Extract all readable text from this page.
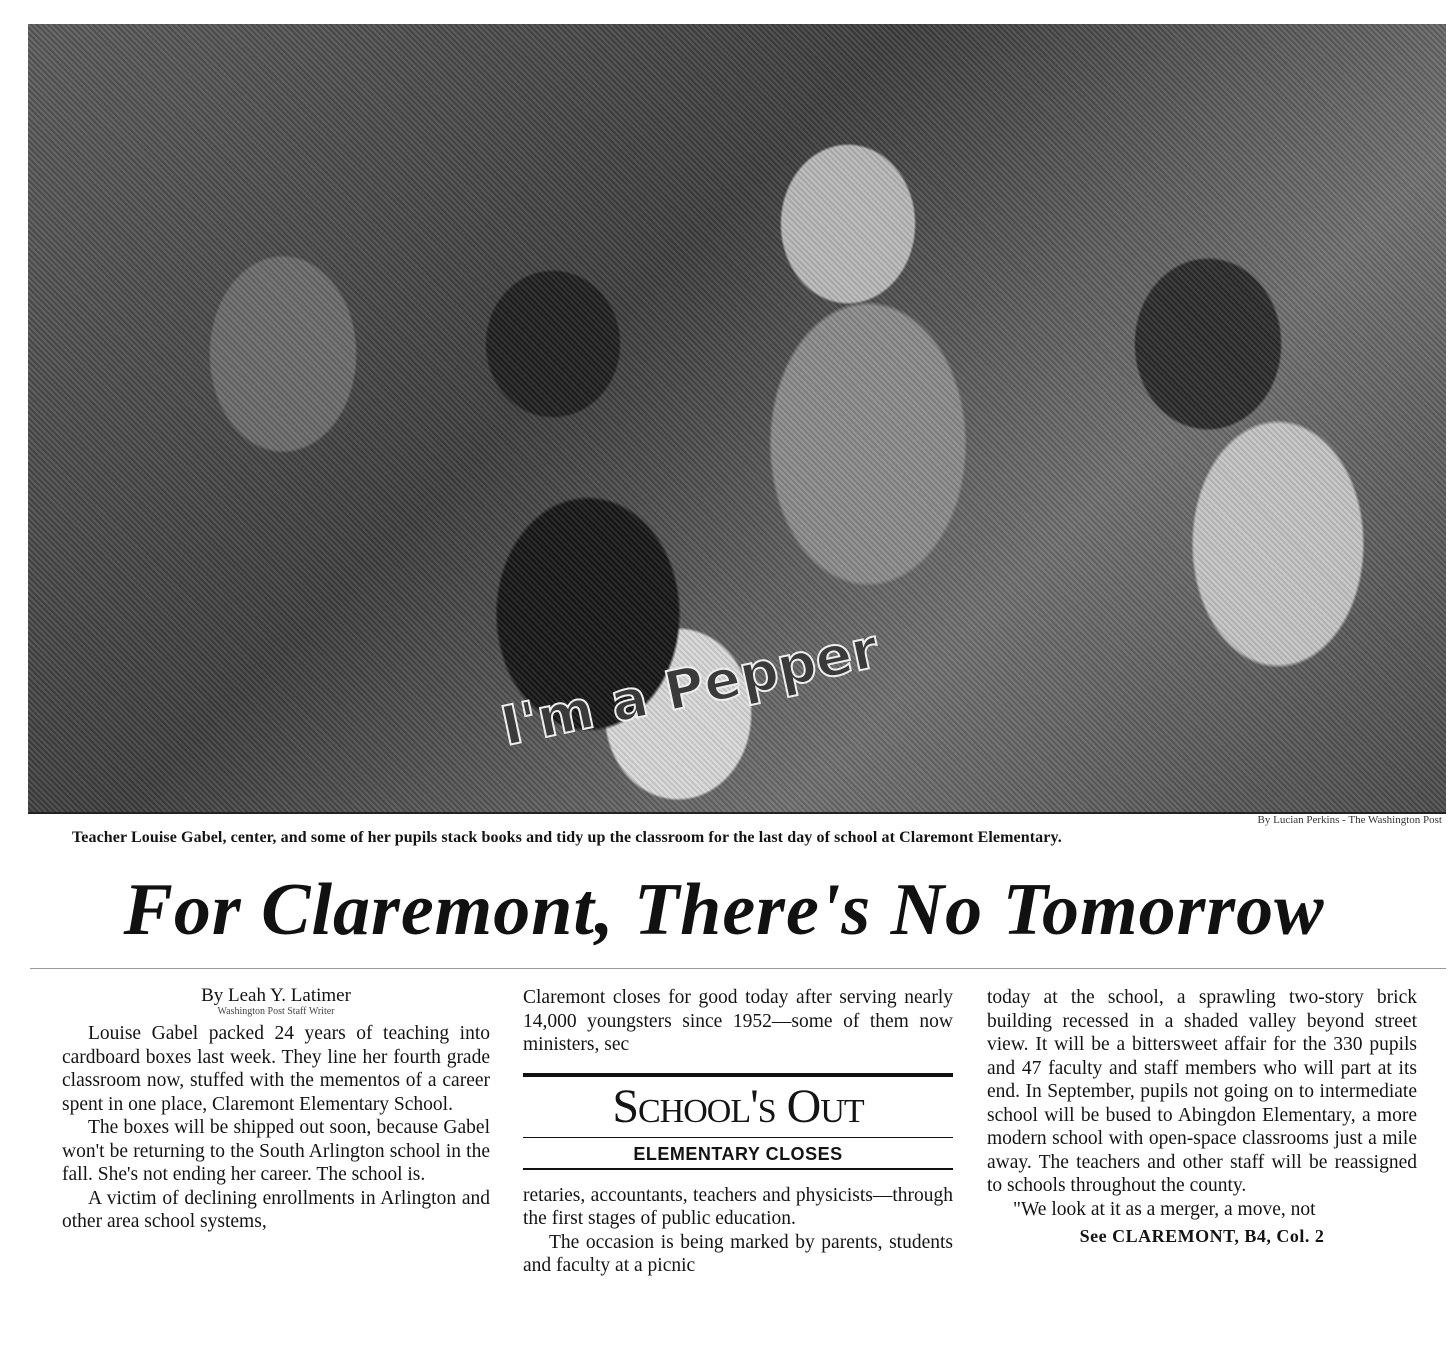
I'm a Pepper
By Lucian Perkins - The Washington Post
Teacher Louise Gabel, center, and some of her pupils stack books and tidy up the classroom for the last day of school at Claremont Elementary.
For Claremont, There's No Tomorrow
By Leah Y. Latimer
Washington Post Staff Writer

Louise Gabel packed 24 years of teaching into cardboard boxes last week. They line her fourth grade classroom now, stuffed with the mementos of a career spent in one place, Claremont Elementary School.

The boxes will be shipped out soon, because Gabel won't be returning to the South Arlington school in the fall. She's not ending her career. The school is.

A victim of declining enrollments in Arlington and other area school systems,

Claremont closes for good today after serving nearly 14,000 youngsters since 1952—some of them now ministers, sec

School's Out
ELEMENTARY CLOSES

retaries, accountants, teachers and physicists—through the first stages of public education.

The occasion is being marked by parents, students and faculty at a picnic

today at the school, a sprawling two-story brick building recessed in a shaded valley beyond street view. It will be a bittersweet affair for the 330 pupils and 47 faculty and staff members who will part at its end. In September, pupils not going on to intermediate school will be bused to Abingdon Elementary, a more modern school with open-space classrooms just a mile away. The teachers and other staff will be reassigned to schools throughout the county.

"We look at it as a merger, a move, not

See CLAREMONT, B4, Col. 2
